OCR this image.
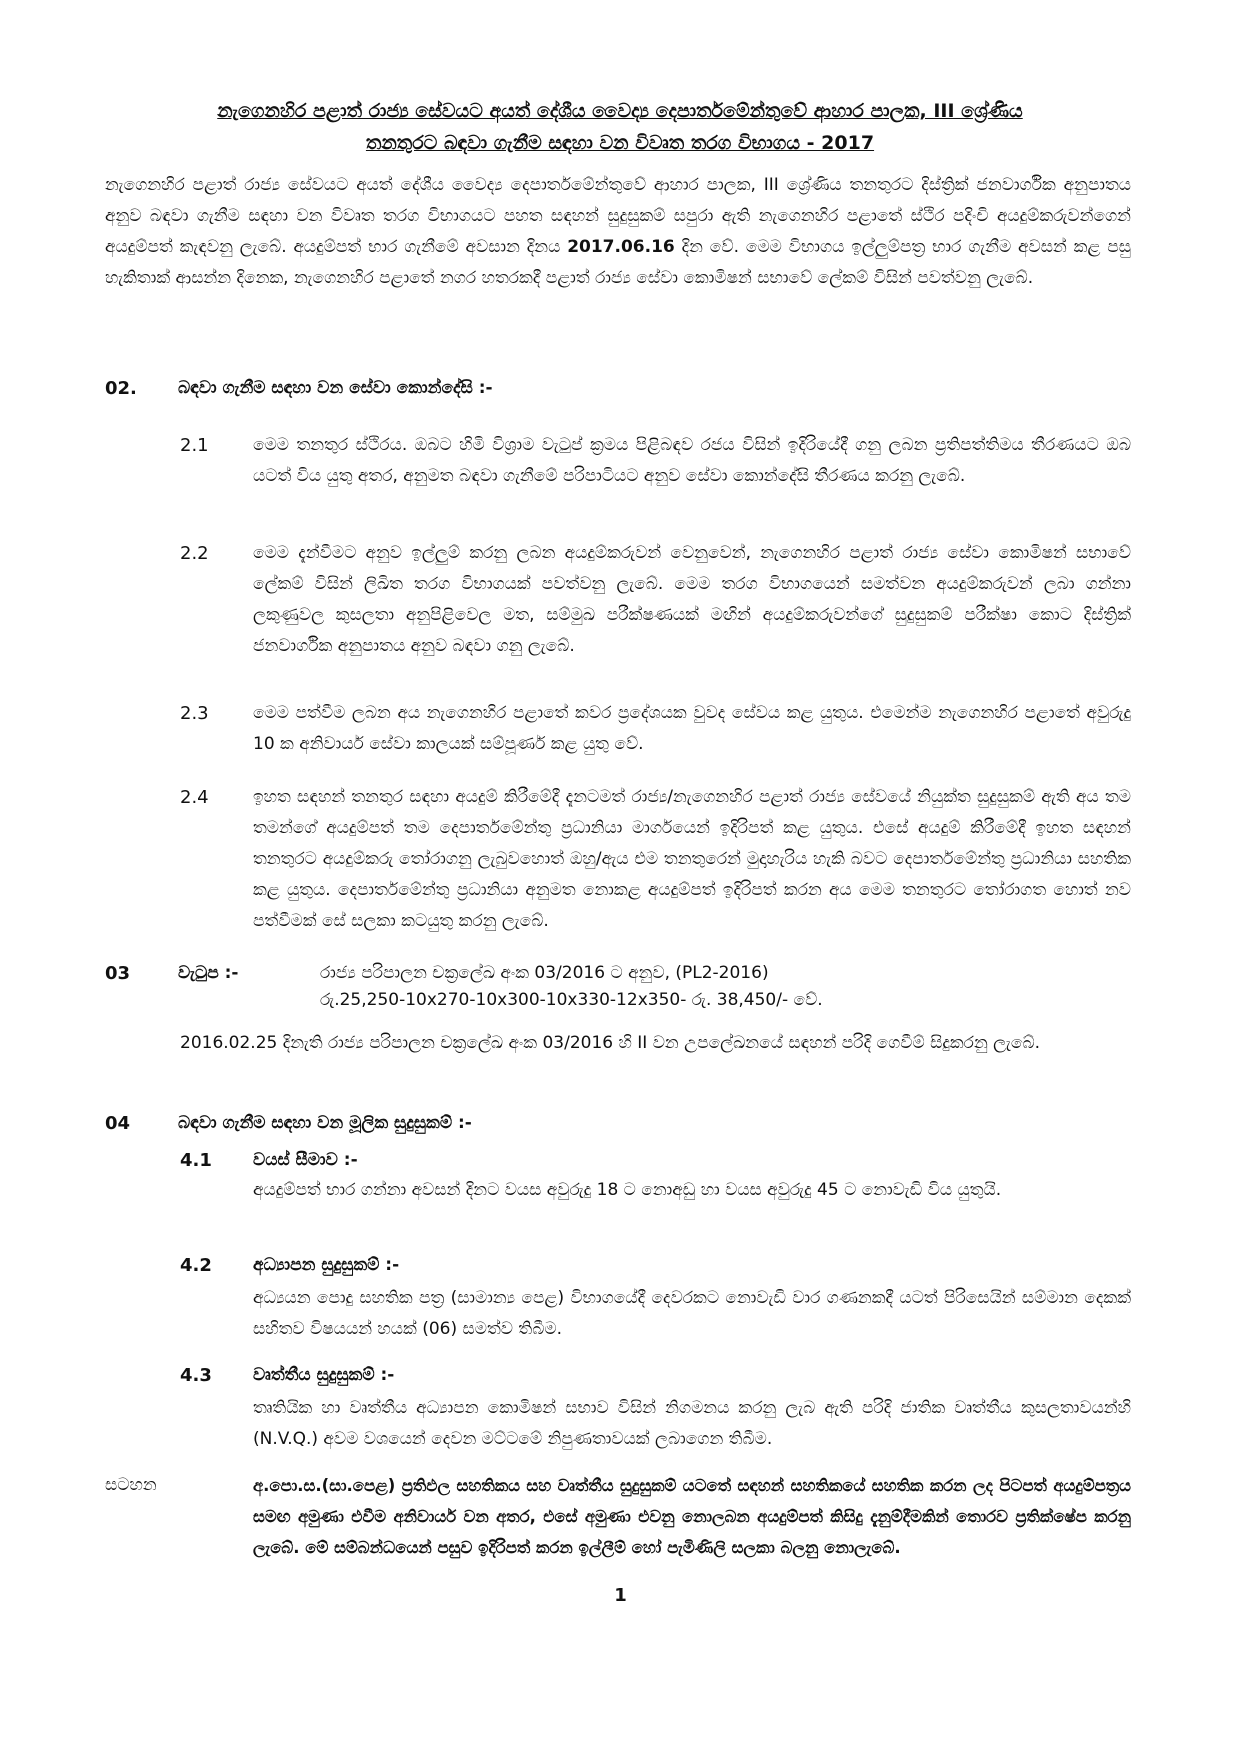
නැගෙනහිර පළාත් රාජ්‍ය සේවයට අයත් දේශීය වෛද්‍ය දෙපාර්තමේන්තුවේ ආහාර පාලක, III ශ්‍රේණිය
තනතුරට බඳවා ගැනීම සඳහා වන විවෘත තරග විභාගය - 2017
නැගෙනහිර පළාත් රාජ්‍ය සේවයට අයත් දේශීය වෛද්‍ය දෙපාර්තමේන්තුවේ ආහාර පාලක, III ශ්‍රේණිය තනතුරට දිස්ත්‍රික් ජනවාර්ගික අනුපාතය අනුව බඳවා ගැනීම සඳහා වන විවෘත තරග විභාගයට පහත සඳහන් සුදුසුකම් සපුරා ඇති නැගෙනහිර පළාතේ ස්ථිර පදිංචි අයදුම්කරුවන්ගෙන් අයදුම්පත් කැඳවනු ලැබේ. අයදුම්පත් භාර ගැනීමේ අවසාන දිනය 2017.06.16 දින වේ. මෙම විභාගය ඉල්ලුම්පත්‍ර භාර ගැනීම අවසන් කළ පසු හැකිතාක් ආසන්න දිනෙක, නැගෙනහිර පළාතේ නගර හතරකදී පළාත් රාජ්‍ය සේවා කොමිෂන් සභාවේ ලේකම් විසින් පවත්වනු ලැබේ.
02. බඳවා ගැනීම සඳහා වන සේවා කොන්දේසි :-
2.1	මෙම තනතුර ස්ථිරය. ඔබට හිමි විශ්‍රාම වැටුප් ක්‍රමය පිළිබඳව රජය විසින් ඉදිරියේදී ගනු ලබන ප්‍රතිපත්තිමය තීරණයට ඔබ යටත් විය යුතු අතර, අනුමත බඳවා ගැනීමේ පරිපාටියට අනුව සේවා කොන්දේසි තීරණය කරනු ලැබේ.
2.2	මෙම දැන්වීමට අනුව ඉල්ලුම් කරනු ලබන අයදුම්කරුවන් වෙනුවෙන්, නැගෙනහිර පළාත් රාජ්‍ය සේවා කොමිෂන් සභාවේ ලේකම් විසින් ලිඛිත තරග විභාගයක් පවත්වනු ලැබේ. මෙම තරග විභාගයෙන් සමත්වන අයදුම්කරුවන් ලබා ගන්නා ලකුණුවල කුසලතා අනුපිළිවෙල මත, සම්මුඛ පරීක්ෂණයක් මඟින් අයදුම්කරුවන්ගේ සුදුසුකම් පරීක්ෂා කොට දිස්ත්‍රික් ජනවාර්ගික අනුපාතය අනුව බඳවා ගනු ලැබේ.
2.3	මෙම පත්වීම ලබන අය නැගෙනහිර පළාතේ කවර ප්‍රදේශයක වුවද සේවය කළ යුතුය. එමෙන්ම නැගෙනහිර පළාතේ අවුරුදු 10 ක අනිවාර්ය සේවා කාලයක් සම්පූර්ණ කළ යුතු වේ.
2.4	ඉහත සඳහන් තනතුර සඳහා අයදුම් කිරීමේදී දැනටමත් රාජ්‍ය/නැගෙනහිර පළාත් රාජ්‍ය සේවයේ නියුක්ත සුදුසුකම් ඇති අය තම තමන්ගේ අයදුම්පත් තම දෙපාර්තමේන්තු ප්‍රධානියා මාර්ගයෙන් ඉදිරිපත් කළ යුතුය. එසේ අයදුම් කිරීමේදී ඉහත සඳහන් තනතුරට අයදුම්කරු තෝරාගනු ලැබුවහොත් ඔහු/ඇය එම තනතුරෙන් මුදාහැරිය හැකි බවට දෙපාර්තමේන්තු ප්‍රධානියා සහතික කළ යුතුය. දෙපාර්තමේන්තු ප්‍රධානියා අනුමත නොකළ අයදුම්පත් ඉදිරිපත් කරන අය මෙම තනතුරට තෝරාගත හොත් නව පත්වීමක් සේ සලකා කටයුතු කරනු ලැබේ.
03	වැටුප :-	රාජ්‍ය පරිපාලන චක්‍රලේඛ අංක 03/2016 ට අනුව, (PL2-2016)
රු.25,250-10x270-10x300-10x330-12x350- රු. 38,450/- වේ.
2016.02.25 දිනැති රාජ්‍ය පරිපාලන චක්‍රලේඛ අංක 03/2016 හි II වන උපලේඛනයේ සඳහන් පරිදි ගෙවීම් සිදුකරනු ලැබේ.
04	බඳවා ගැනීම සඳහා වන මූලික සුදුසුකම් :-
4.1 වයස් සීමාව :-
අයදුම්පත් භාර ගන්නා අවසන් දිනට වයස අවුරුදු 18 ට නොඅඩු හා වයස අවුරුදු 45 ට නොවැඩි විය යුතුයි.
4.2 අධ්‍යාපන සුදුසුකම් :-
අධ්‍යයන පොදු සහතික පත්‍ර (සාමාන්‍ය පෙළ) විභාගයේදී දෙවරකට නොවැඩි වාර ගණනකදී යටත් පිරිසෙයින් සම්මාන දෙකක් සහිතව විෂයයන් හයක් (06) සමත්ව තිබීම.
4.3 වෘත්තීය සුදුසුකම් :-
තෘතියික හා වෘත්තීය අධ්‍යාපන කොමිෂන් සභාව විසින් නිගමනය කරනු ලැබ ඇති පරිදි ජාතික වෘත්තීය කුසලතාවයන්හි (N.V.Q.) අවම වශයෙන් දෙවන මට්ටමේ නිපුණතාවයක් ලබාගෙන තිබීම.
සටහන	අ.පො.ස.(සා.පෙළ) ප්‍රතිඵල සහතිකය සහ වෘත්තීය සුදුසුකම් යටතේ සඳහන් සහතිකයේ සහතික කරන ලද පිටපත් අයදුම්පත්‍රය සමඟ අමුණා එවීම අනිවාර්ය වන අතර, එසේ අමුණා එවනු නොලබන අයදුම්පත් කිසිදු දැනුම්දීමකින් තොරව ප්‍රතික්ෂේප කරනු ලැබේ. මේ සම්බන්ධයෙන් පසුව ඉදිරිපත් කරන ඉල්ලීම් හෝ පැමිණිලි සලකා බලනු නොලැබේ.
1
